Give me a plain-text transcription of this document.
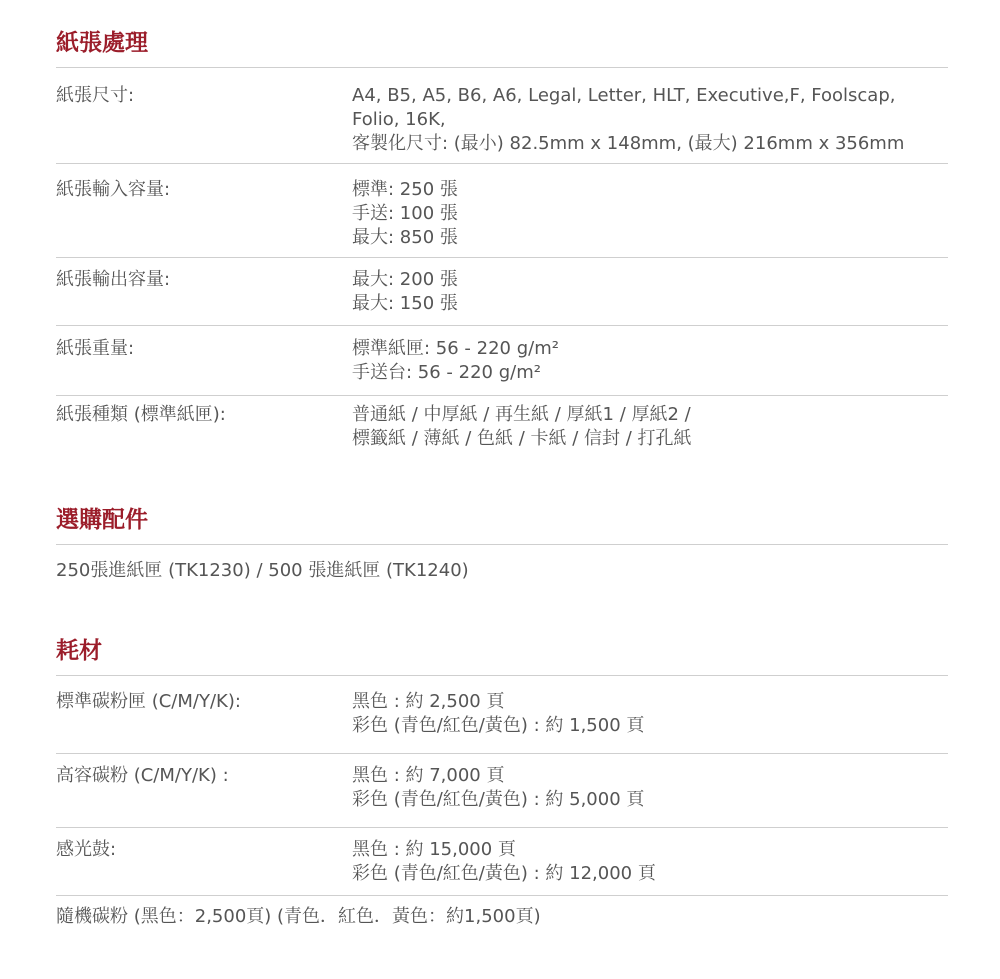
紙張處理
紙張尺寸:	A4, B5, A5, B6, A6, Legal, Letter, HLT, Executive,F, Foolscap,
Folio, 16K,
客製化尺寸: (最小) 82.5mm x 148mm, (最大) 216mm x 356mm
紙張輸入容量:	標準: 250 張
手送: 100 張
最大: 850 張
紙張輸出容量:	最大: 200 張
最大: 150 張
紙張重量:	標準紙匣: 56 - 220 g/m²
手送台: 56 - 220 g/m²
紙張種類 (標準紙匣):	普通紙 / 中厚紙 / 再生紙 / 厚紙1 / 厚紙2 /
標籤紙 / 薄紙 / 色紙 / 卡紙 / 信封 / 打孔紙
選購配件
250張進紙匣 (TK1230) / 500 張進紙匣 (TK1240)
耗材
標準碳粉匣 (C/M/Y/K):	黑色 : 約 2,500 頁
彩色 (青色/紅色/黃色) : 約 1,500 頁
高容碳粉 (C/M/Y/K) :	黑色 : 約 7,000 頁
彩色 (青色/紅色/黃色) : 約 5,000 頁
感光鼓:	黑色 : 約 15,000 頁
彩色 (青色/紅色/黃色) : 約 12,000 頁
隨機碳粉 (黑色：2,500頁) (青色．紅色．黃色：約1,500頁)
